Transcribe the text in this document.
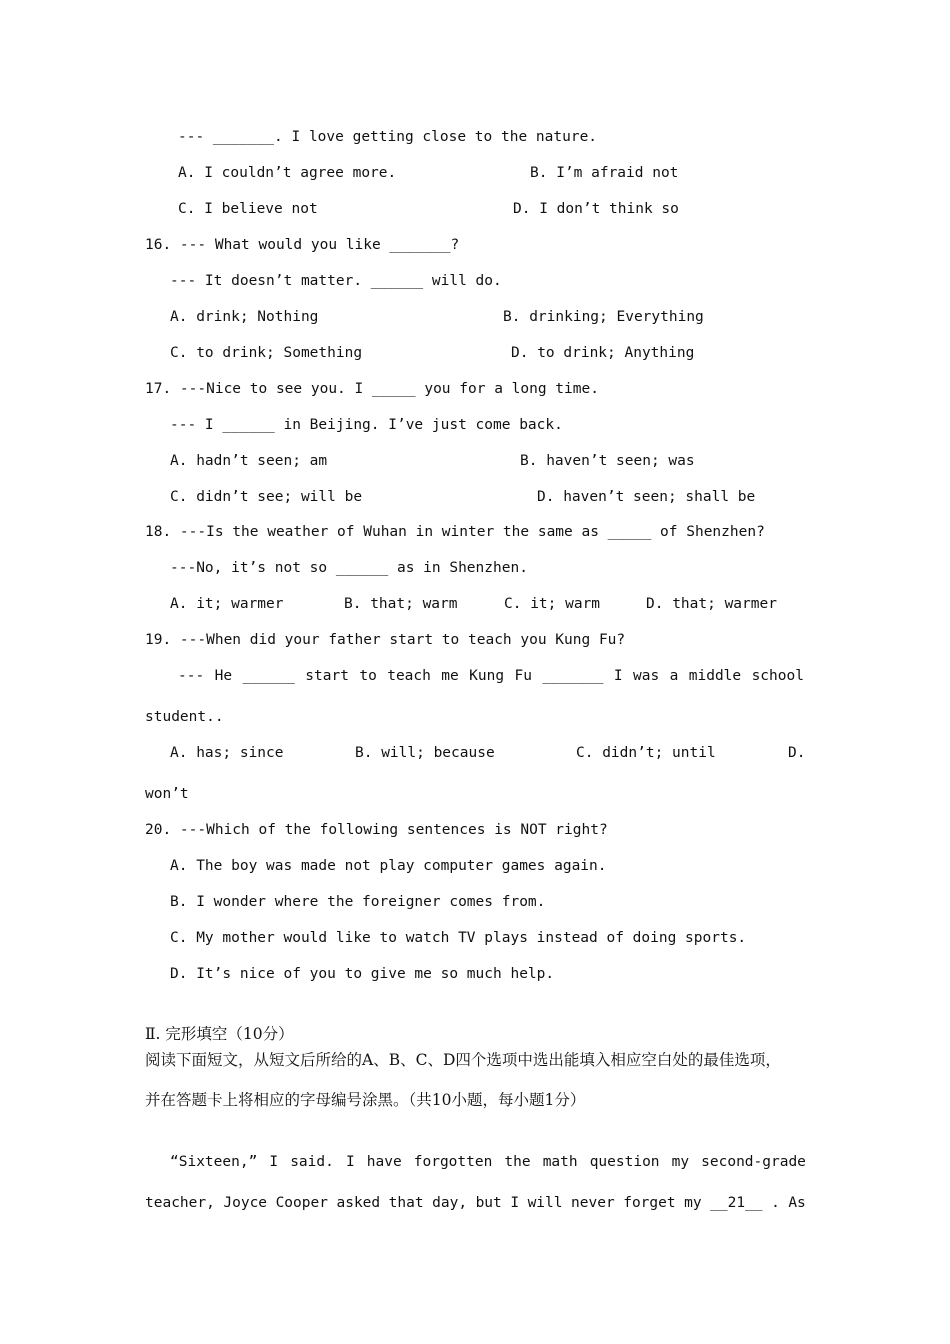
--- _______. I love getting close to the nature.
A. I couldn’t agree more.	B. I’m afraid not
C. I believe not	D. I don’t think so
16. --- What would you like _______?
--- It doesn’t matter. ______ will do.
A. drink; Nothing	B. drinking; Everything
C. to drink; Something	D. to drink; Anything
17. ---Nice to see you. I _____ you for a long time.
--- I ______ in Beijing. I’ve just come back.
A. hadn’t seen; am	B. haven’t seen; was
C. didn’t see; will be	D. haven’t seen; shall be
18. ---Is the weather of Wuhan in winter the same as _____ of Shenzhen?
---No, it’s not so ______ as in Shenzhen.
A. it; warmer	B. that; warm	C. it; warm	D. that; warmer
19. ---When did your father start to teach you Kung Fu?
--- He ______ start to teach me Kung Fu _______ I was a middle school
student..
A. has; since	B. will; because	C. didn’t; until	D.
won’t
20. ---Which of the following sentences is NOT right?
A. The boy was made not play computer games again.
B. I wonder where the foreigner comes from.
C. My mother would like to watch TV plays instead of doing sports.
D. It’s nice of you to give me so much help.
Ⅱ. 完形填空（10分）
阅读下面短文，从短文后所给的A、B、C、D四个选项中选出能填入相应空白处的最佳选项，
并在答题卡上将相应的字母编号涂黑。（共10小题，每小题1分）
“Sixteen,” I said. I have forgotten the math question my second-grade
teacher, Joyce Cooper asked that day, but I will never forget my __21__ . As
